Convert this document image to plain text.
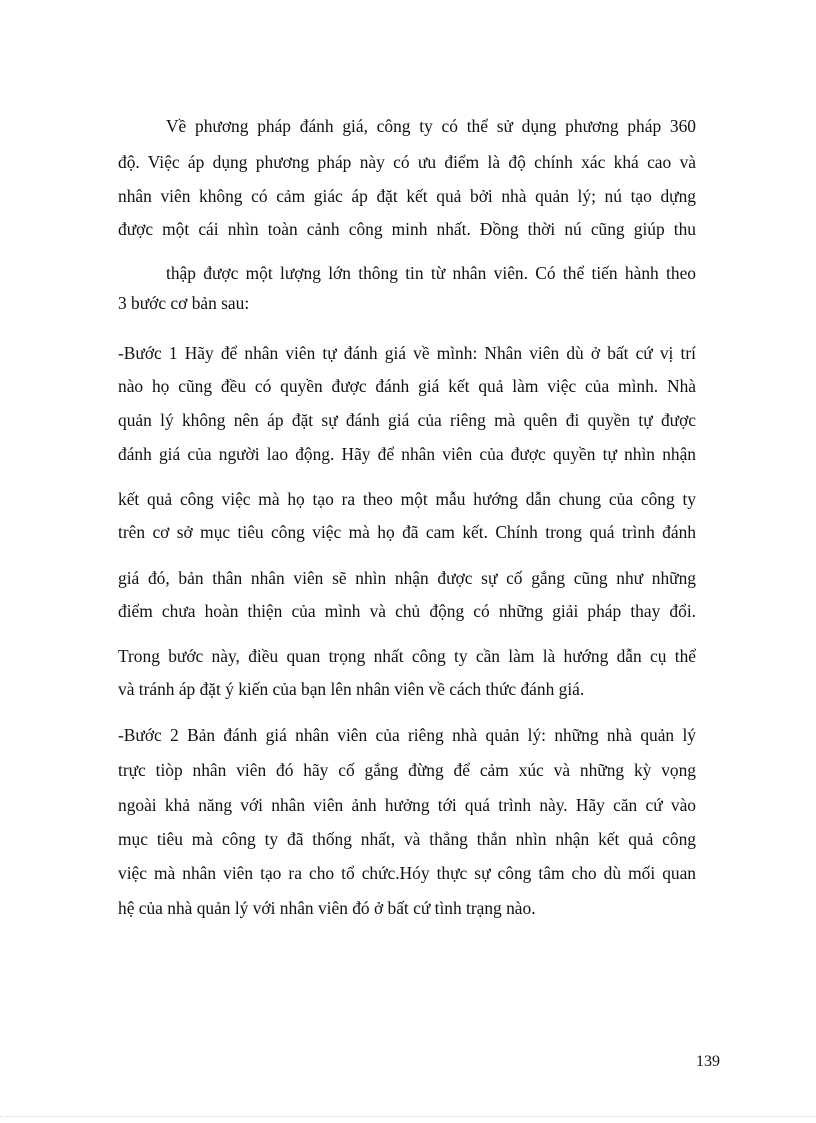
Về phương pháp đánh giá, công ty có thể sử dụng phương pháp 360
độ. Việc áp dụng phương pháp này có ưu điểm là độ chính xác khá cao và
nhân viên không có cảm giác áp đặt kết quả bởi nhà quản lý; nú tạo dựng
được một cái nhìn toàn cảnh công minh nhất. Đồng thời nú cũng giúp thu
thập được một lượng lớn thông tin từ nhân viên. Có thể tiến hành theo
3 bước cơ bản sau:
-Bước 1 Hãy để nhân viên tự đánh giá về mình: Nhân viên dù ở bất cứ vị trí
nào họ cũng đều có quyền được đánh giá kết quả làm việc của mình. Nhà
quản lý không nên áp đặt sự đánh giá của riêng mà quên đi quyền tự được
đánh giá của người lao động. Hãy để nhân viên của được quyền tự nhìn nhận
kết quả công việc mà họ tạo ra theo một mẫu hướng dẫn chung của công ty
trên cơ sở mục tiêu công việc mà họ đã cam kết. Chính trong quá trình đánh
giá đó, bản thân nhân viên sẽ nhìn nhận được sự cố gắng cũng như những
điểm chưa hoàn thiện của mình và chủ động có những giải pháp thay đổi.
Trong bước này, điều quan trọng nhất công ty cần làm là hướng dẫn cụ thể
và tránh áp đặt ý kiến của bạn lên nhân viên về cách thức đánh giá.
-Bước 2 Bản đánh giá nhân viên của riêng nhà quản lý: những nhà quản lý
trực tiòp nhân viên đó hãy cố gắng đừng để cảm xúc và những kỳ vọng
ngoài khả năng với nhân viên ảnh hưởng tới quá trình này. Hãy căn cứ vào
mục tiêu mà công ty đã thống nhất, và thẳng thắn nhìn nhận kết quả công
việc mà nhân viên tạo ra cho tổ chức.Hóy thực sự công tâm cho dù mối quan
hệ của nhà quản lý với nhân viên đó ở bất cứ tình trạng nào.
139
